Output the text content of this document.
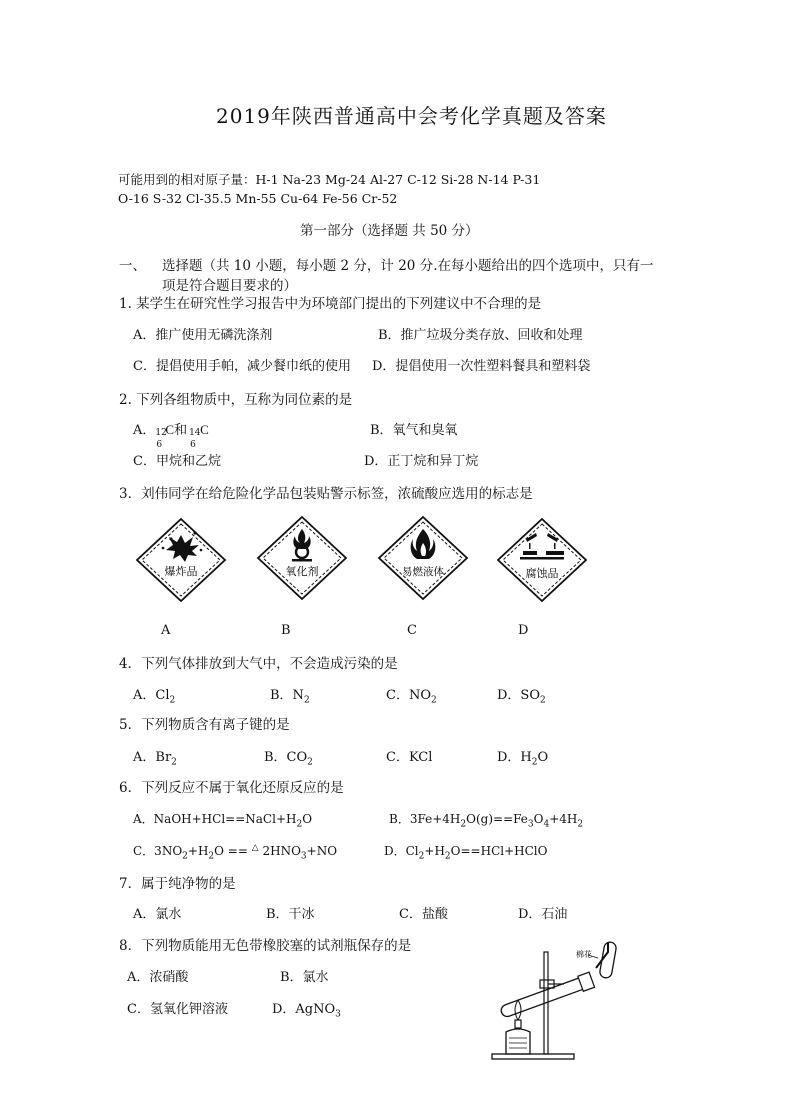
2019年陕西普通高中会考化学真题及答案
可能用到的相对原子量：H-1 Na-23 Mg-24 Al-27 C-12 Si-28 N-14 P-31
O-16 S-32 Cl-35.5 Mn-55 Cu-64 Fe-56 Cr-52
第一部分（选择题 共 50 分）
一、 选择题（共 10 小题，每小题 2 分，计 20 分.在每小题给出的四个选项中，只有一
项是符合题目要求的）
1. 某学生在研究性学习报告中为环境部门提出的下列建议中不合理的是
A．推广使用无磷洗涤剂	B．推广垃圾分类存放、回收和处理
C．提倡使用手帕，减少餐巾纸的使用 D．提倡使用一次性塑料餐具和塑料袋
2. 下列各组物质中，互称为同位素的是
A． 12
6
C和 14
6
C	B．氧气和臭氧
C．甲烷和乙烷	D．正丁烷和异丁烷
3．刘伟同学在给危险化学品包装贴警示标签，浓硫酸应选用的标志是
爆炸品	氧化剂	易燃液体	腐蚀品
A	B	C	D
4．下列气体排放到大气中，不会造成污染的是
A．$Cl_2$	B．$N_2$	C．$NO_2$	D．$SO_2$
5．下列物质含有离子键的是
A．$Br_2$	B．$CO_2$	C．KCl	D．$H_2O$
6．下列反应不属于氧化还原反应的是
A．$NaOH+HCl==NaCl+H_2O$	B．$3Fe+4H_2O(g)==Fe_3O_4+4H_2$
C．$3NO_2+H_2O == ^\triangle$ $2HNO_3+NO$	D．$Cl_2+H_2O==HCl+HClO$
7．属于纯净物的是
A．氯水	B．干冰	C．盐酸	D．石油
8．下列物质能用无色带橡胶塞的试剂瓶保存的是
A．浓硝酸	B．氯水
C．氢氧化钾溶液	D．AgNO$_3$
棉花
